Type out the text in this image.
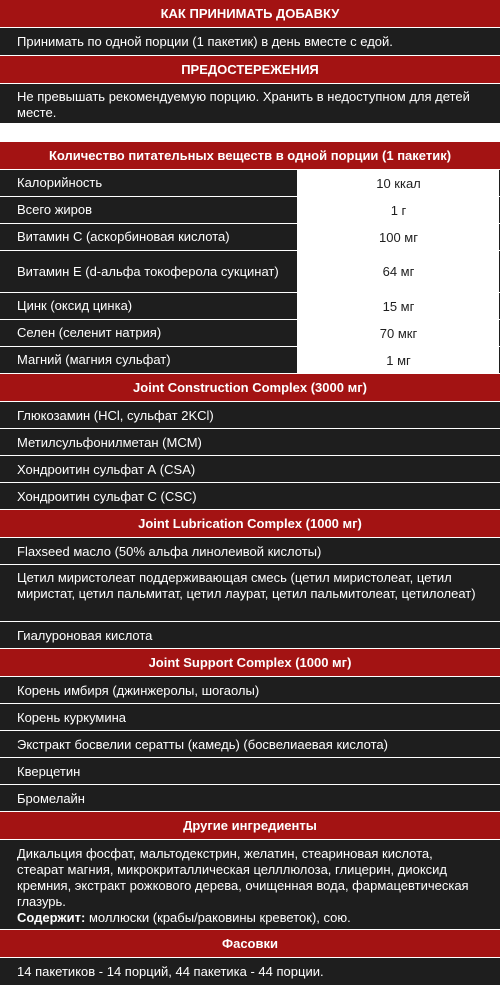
КАК ПРИНИМАТЬ ДОБАВКУ
Принимать по одной порции (1 пакетик) в день вместе с едой.
ПРЕДОСТЕРЕЖЕНИЯ
Не превышать рекомендуемую порцию. Хранить в недоступном для детей месте.
Количество питательных веществ в одной порции (1 пакетик)
Калорийность	10 ккал
Всего жиров	1 г
Витамин С (аскорбиновая кислота)	100 мг
Витамин Е (d-альфа токоферола сукцинат)	64 мг
Цинк (оксид цинка)	15 мг
Селен (селенит натрия)	70 мкг
Магний (магния сульфат)	1 мг
Joint Construction Complex (3000 мг)
Глюкозамин (HCl, сульфат 2KCl)
Метилсульфонилметан (MCM)
Хондроитин сульфат А (CSA)
Хондроитин сульфат С (CSC)
Joint Lubrication Complex (1000 мг)
Flaxseed масло (50% альфа линолеивой кислоты)
Цетил миристолеат поддерживающая смесь (цетил миристолеат, цетил миристат, цетил пальмитат, цетил лаурат, цетил пальмитолеат, цетилолеат)
Гиалуроновая кислота
Joint Support Complex (1000 мг)
Корень имбиря (джинжеролы, шогаолы)
Корень куркумина
Экстракт босвелии сератты (камедь) (босвелиаевая кислота)
Кверцетин
Бромелайн
Другие ингредиенты
Дикальция фосфат, мальтодекстрин, желатин, стеариновая кислота, стеарат магния, микрокриталлическая целллюлоза, глицерин, диоксид кремния, экстракт рожкового дерева, очищенная вода, фармацевтическая глазурь.
Содержит: моллюски (крабы/раковины креветок), сою.
Фасовки
14 пакетиков - 14 порций, 44 пакетика - 44 порции.
